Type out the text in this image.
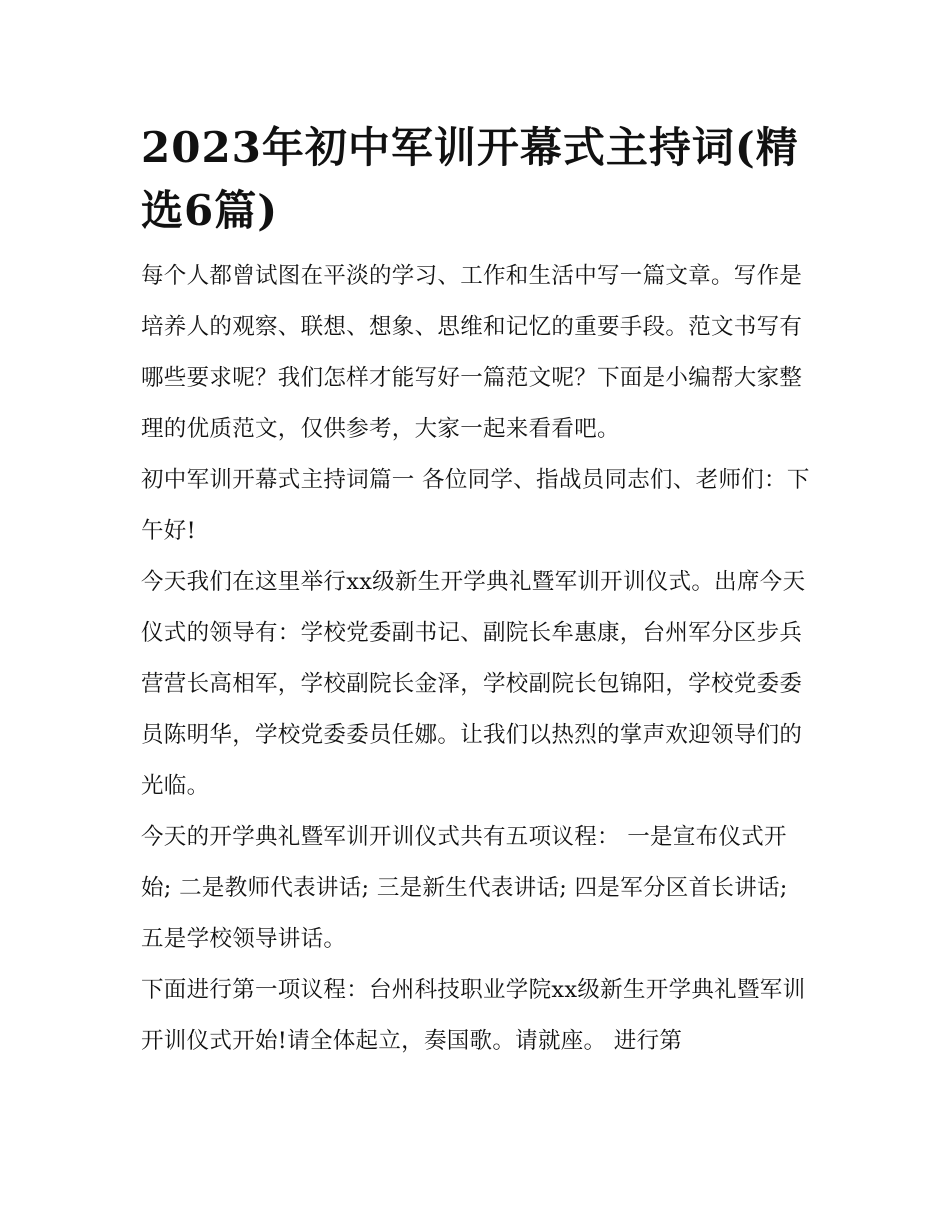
2023年初中军训开幕式主持词(精选6篇)

每个人都曾试图在平淡的学习、工作和生活中写一篇文章。写作是培养人的观察、联想、想象、思维和记忆的重要手段。范文书写有哪些要求呢？我们怎样才能写好一篇范文呢？下面是小编帮大家整理的优质范文，仅供参考，大家一起来看看吧。

初中军训开幕式主持词篇一 各位同学、指战员同志们、老师们：下午好!

今天我们在这里举行xx级新生开学典礼暨军训开训仪式。出席今天仪式的领导有：学校党委副书记、副院长牟惠康，台州军分区步兵营营长高相军，学校副院长金泽，学校副院长包锦阳，学校党委委员陈明华，学校党委委员任娜。让我们以热烈的掌声欢迎领导们的光临。

今天的开学典礼暨军训开训仪式共有五项议程： 一是宣布仪式开始; 二是教师代表讲话; 三是新生代表讲话; 四是军分区首长讲话; 五是学校领导讲话。

下面进行第一项议程：台州科技职业学院xx级新生开学典礼暨军训开训仪式开始!请全体起立，奏国歌。请就座。 进行第
